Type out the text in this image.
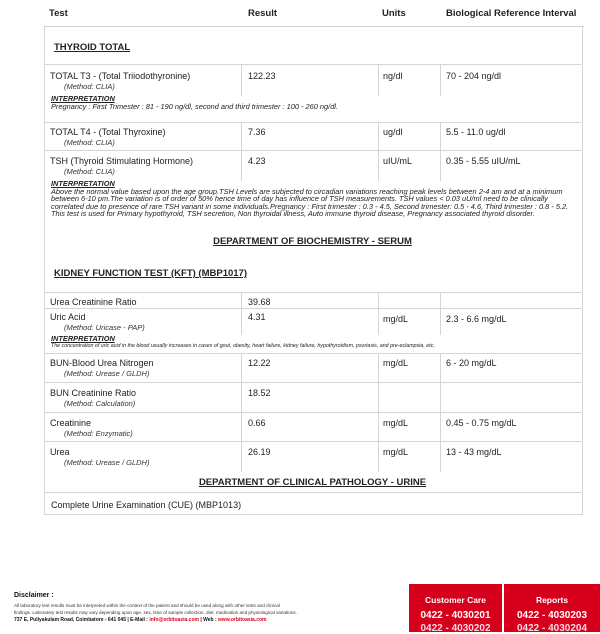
Test	Result	Units	Biological Reference Interval
THYROID TOTAL
TOTAL T3 - (Total Triiodothyronine)
(Method: CLIA)
122.23	ng/dl	70 - 204 ng/dl
INTERPRETATION
Pregnancy : First Trimester : 81 - 190 ng/dl, second and third trimester : 100 - 260 ng/dl.
TOTAL T4 - (Total Thyroxine)
(Method: CLIA)
7.36	ug/dl	5.5 - 11.0 ug/dl
TSH (Thyroid Stimulating Hormone)
(Method: CLIA)
4.23	uIU/mL	0.35 - 5.55 uIU/mL
INTERPRETATION
Above the normal value based upon the age group.TSH Levels are subjected to circadian variations reaching peak levels between 2-4 am and at a minimum between 6-10 pm.The variation is of order of 50% hence time of day has influence of TSH measurements. TSH values < 0.03 uU/ml need to be clinically correlated due to presence of rare TSH variant in some individuals.Pregnancy : First trimester : 0.3 - 4.5, Second trimester: 0.5 - 4.6, Third trimester : 0.8 - 5.2. This test is used for Primary hypothyroid, TSH secretion, Non thyroidal illness, Auto immune thyroid disease, Pregnancy associated thyroid disorder.
DEPARTMENT OF BIOCHEMISTRY - SERUM
KIDNEY FUNCTION TEST (KFT) (MBP1017)
Urea Creatinine Ratio	39.68
Uric Acid
(Method: Uricase - PAP)
4.31	mg/dL	2.3 - 6.6 mg/dL
INTERPRETATION
The concentration of uric acid in the blood usually increases in cases of gout, obesity, heart failure, kidney failure, hypothyroidism, psoriasis, and pre-eclampsia, etc.
BUN-Blood Urea Nitrogen
(Method: Urease / GLDH)
12.22	mg/dL	6 - 20 mg/dL
BUN Creatinine Ratio
(Method: Calculation)
18.52
Creatinine
(Method: Enzymatic)
0.66	mg/dL	0.45 - 0.75 mg/dL
Urea
(Method: Urease / GLDH)
26.19	mg/dL	13 - 43 mg/dL
DEPARTMENT OF CLINICAL PATHOLOGY - URINE
Complete Urine Examination (CUE) (MBP1013)
Disclaimer :
All laboratory test results must be interpreted within the context of the patient and should be used along with other tests and clinical
findings. Laboratory test results may vary depending upon age, sex, time of sample collection, diet, medication and physiological variations.
737 E, Puliyakulam Road, Coimbatore - 641 045 | E-Mail : info@orbitoasia.com | Web : www.orbitoasia.com
Customer Care
0422 - 4030201
0422 - 4030202
Reports
0422 - 4030203
0422 - 4030204
